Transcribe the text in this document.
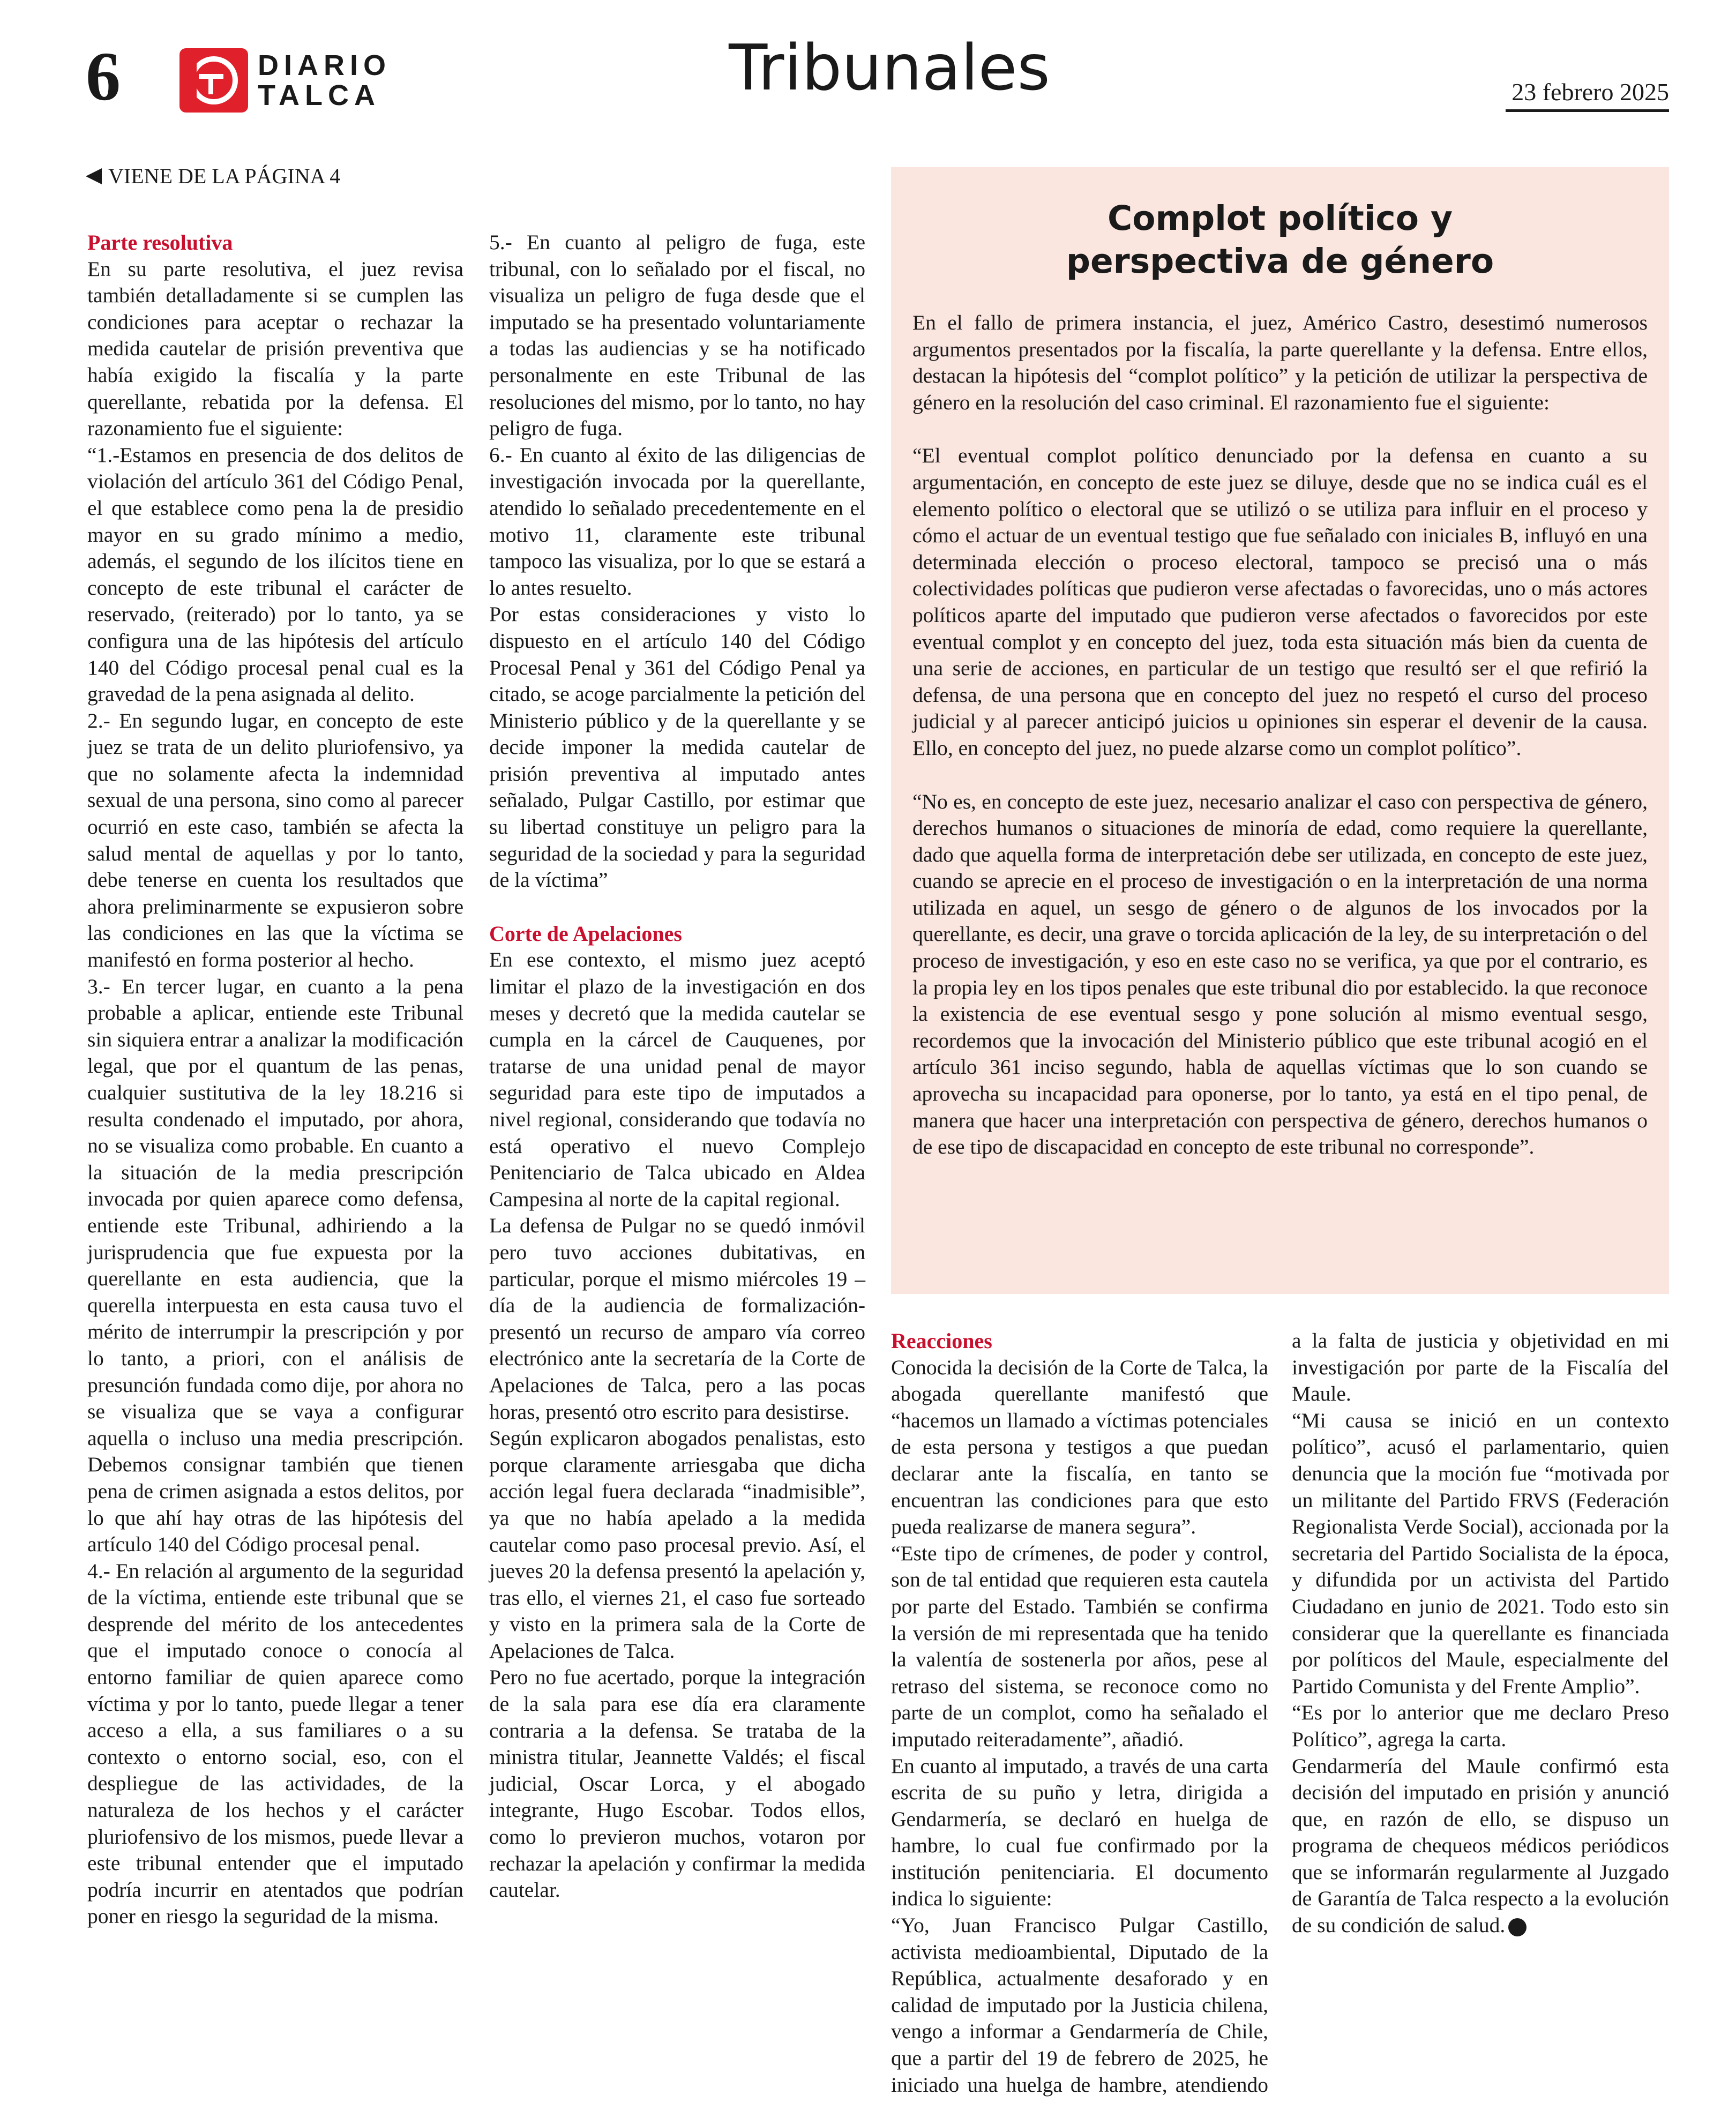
6	DIARIO
TALCA	Tribunales	23 febrero 2025
VIENE DE LA PÁGINA 4
Parte resolutiva

En su parte resolutiva, el juez revisa también detalladamente si se cumplen las condiciones para aceptar o rechazar la medida cautelar de prisión preventiva que había exigido la fiscalía y la parte querellante, rebatida por la defensa. El razonamiento fue el siguiente:

“1.-Estamos en presencia de dos delitos de violación del artículo 361 del Código Penal, el que establece como pena la de presidio mayor en su grado mínimo a medio, además, el segundo de los ilícitos tiene en concepto de este tribunal el carácter de reservado, (reiterado) por lo tanto, ya se configura una de las hipótesis del artículo 140 del Código procesal penal cual es la gravedad de la pena asignada al delito.

2.- En segundo lugar, en concepto de este juez se trata de un delito pluriofensivo, ya que no solamente afecta la indemnidad sexual de una persona, sino como al parecer ocurrió en este caso, también se afecta la salud mental de aquellas y por lo tanto, debe tenerse en cuenta los resultados que ahora preliminarmente se expusieron sobre las condiciones en las que la víctima se manifestó en forma posterior al hecho.

3.- En tercer lugar, en cuanto a la pena probable a aplicar, entiende este Tribunal sin siquiera entrar a analizar la modificación legal, que por el quantum de las penas, cualquier sustitutiva de la ley 18.216 si resulta condenado el imputado, por ahora, no se visualiza como probable. En cuanto a la situación de la media prescripción invocada por quien aparece como defensa, entiende este Tribunal, adhiriendo a la jurisprudencia que fue expuesta por la querellante en esta audiencia, que la querella interpuesta en esta causa tuvo el mérito de interrumpir la prescripción y por lo tanto, a priori, con el análisis de presunción fundada como dije, por ahora no se visualiza que se vaya a configurar aquella o incluso una media prescripción. Debemos consignar también que tienen pena de crimen asignada a estos delitos, por lo que ahí hay otras de las hipótesis del artículo 140 del Código procesal penal.

4.- En relación al argumento de la seguridad de la víctima, entiende este tribunal que se desprende del mérito de los antecedentes que el imputado conoce o conocía al entorno familiar de quien aparece como víctima y por lo tanto, puede llegar a tener acceso a ella, a sus familiares o a su contexto o entorno social, eso, con el despliegue de las actividades, de la naturaleza de los hechos y el carácter pluriofensivo de los mismos, puede llevar a este tribunal entender que el imputado podría incurrir en atentados que podrían poner en riesgo la seguridad de la misma.

5.- En cuanto al peligro de fuga, este tribunal, con lo señalado por el fiscal, no visualiza un peligro de fuga desde que el imputado se ha presentado voluntariamente a todas las audiencias y se ha notificado personalmente en este Tribunal de las resoluciones del mismo, por lo tanto, no hay peligro de fuga.

6.- En cuanto al éxito de las diligencias de investigación invocada por la querellante, atendido lo señalado precedentemente en el motivo 11, claramente este tribunal tampoco las visualiza, por lo que se estará a lo antes resuelto.

Por estas consideraciones y visto lo dispuesto en el artículo 140 del Código Procesal Penal y 361 del Código Penal ya citado, se acoge parcialmente la petición del Ministerio público y de la querellante y se decide imponer la medida cautelar de prisión preventiva al imputado antes señalado, Pulgar Castillo, por estimar que su libertad constituye un peligro para la seguridad de la sociedad y para la seguridad de la víctima”

Corte de Apelaciones

En ese contexto, el mismo juez aceptó limitar el plazo de la investigación en dos meses y decretó que la medida cautelar se cumpla en la cárcel de Cauquenes, por tratarse de una unidad penal de mayor seguridad para este tipo de imputados a nivel regional, considerando que todavía no está operativo el nuevo Complejo Penitenciario de Talca ubicado en Aldea Campesina al norte de la capital regional.

La defensa de Pulgar no se quedó inmóvil pero tuvo acciones dubitativas, en particular, porque el mismo miércoles 19 –día de la audiencia de formalización- presentó un recurso de amparo vía correo electrónico ante la secretaría de la Corte de Apelaciones de Talca, pero a las pocas horas, presentó otro escrito para desistirse.

Según explicaron abogados penalistas, esto porque claramente arriesgaba que dicha acción legal fuera declarada “inadmisible”, ya que no había apelado a la medida cautelar como paso procesal previo. Así, el jueves 20 la defensa presentó la apelación y, tras ello, el viernes 21, el caso fue sorteado y visto en la primera sala de la Corte de Apelaciones de Talca.

Pero no fue acertado, porque la integración de la sala para ese día era claramente contraria a la defensa. Se trataba de la ministra titular, Jeannette Valdés; el fiscal judicial, Oscar Lorca, y el abogado integrante, Hugo Escobar. Todos ellos, como lo previeron muchos, votaron por rechazar la apelación y confirmar la medida cautelar.

Complot político y
perspectiva de género

En el fallo de primera instancia, el juez, Américo Castro, desestimó numerosos argumentos presentados por la fiscalía, la parte querellante y la defensa. Entre ellos, destacan la hipótesis del “complot político” y la petición de utilizar la perspectiva de género en la resolución del caso criminal. El razonamiento fue el siguiente:

“El eventual complot político denunciado por la defensa en cuanto a su argumentación, en concepto de este juez se diluye, desde que no se indica cuál es el elemento político o electoral que se utilizó o se utiliza para influir en el proceso y cómo el actuar de un eventual testigo que fue señalado con iniciales B, influyó en una determinada elección o proceso electoral, tampoco se precisó una o más colectividades políticas que pudieron verse afectadas o favorecidas, uno o más actores políticos aparte del imputado que pudieron verse afectados o favorecidos por este eventual complot y en concepto del juez, toda esta situación más bien da cuenta de una serie de acciones, en particular de un testigo que resultó ser el que refirió la defensa, de una persona que en concepto del juez no respetó el curso del proceso judicial y al parecer anticipó juicios u opiniones sin esperar el devenir de la causa. Ello, en concepto del juez, no puede alzarse como un complot político”.

“No es, en concepto de este juez, necesario analizar el caso con perspectiva de género, derechos humanos o situaciones de minoría de edad, como requiere la querellante, dado que aquella forma de interpretación debe ser utilizada, en concepto de este juez, cuando se aprecie en el proceso de investigación o en la interpretación de una norma utilizada en aquel, un sesgo de género o de algunos de los invocados por la querellante, es decir, una grave o torcida aplicación de la ley, de su interpretación o del proceso de investigación, y eso en este caso no se verifica, ya que por el contrario, es la propia ley en los tipos penales que este tribunal dio por establecido. la que reconoce la existencia de ese eventual sesgo y pone solución al mismo eventual sesgo, recordemos que la invocación del Ministerio público que este tribunal acogió en el artículo 361 inciso segundo, habla de aquellas víctimas que lo son cuando se aprovecha su incapacidad para oponerse, por lo tanto, ya está en el tipo penal, de manera que hacer una interpretación con perspectiva de género, derechos humanos o de ese tipo de discapacidad en concepto de este tribunal no corresponde”.

Reacciones

Conocida la decisión de la Corte de Talca, la abogada querellante manifestó que “hacemos un llamado a víctimas potenciales de esta persona y testigos a que puedan declarar ante la fiscalía, en tanto se encuentran las condiciones para que esto pueda realizarse de manera segura”.

“Este tipo de crímenes, de poder y control, son de tal entidad que requieren esta cautela por parte del Estado. También se confirma la versión de mi representada que ha tenido la valentía de sostenerla por años, pese al retraso del sistema, se reconoce como no parte de un complot, como ha señalado el imputado reiteradamente”, añadió.

En cuanto al imputado, a través de una carta escrita de su puño y letra, dirigida a Gendarmería, se declaró en huelga de hambre, lo cual fue confirmado por la institución penitenciaria. El documento indica lo siguiente:

“Yo, Juan Francisco Pulgar Castillo, activista medioambiental, Diputado de la República, actualmente desaforado y en calidad de imputado por la Justicia chilena, vengo a informar a Gendarmería de Chile, que a partir del 19 de febrero de 2025, he iniciado una huelga de hambre, atendiendo a la falta de justicia y objetividad en mi investigación por parte de la Fiscalía del Maule.

“Mi causa se inició en un contexto político”, acusó el parlamentario, quien denuncia que la moción fue “motivada por un militante del Partido FRVS (Federación Regionalista Verde Social), accionada por la secretaria del Partido Socialista de la época, y difundida por un activista del Partido Ciudadano en junio de 2021. Todo esto sin considerar que la querellante es financiada por políticos del Maule, especialmente del Partido Comunista y del Frente Amplio”.

“Es por lo anterior que me declaro Preso Político”, agrega la carta.

Gendarmería del Maule confirmó esta decisión del imputado en prisión y anunció que, en razón de ello, se dispuso un programa de chequeos médicos periódicos que se informarán regularmente al Juzgado de Garantía de Talca respecto a la evolución de su condición de salud.
